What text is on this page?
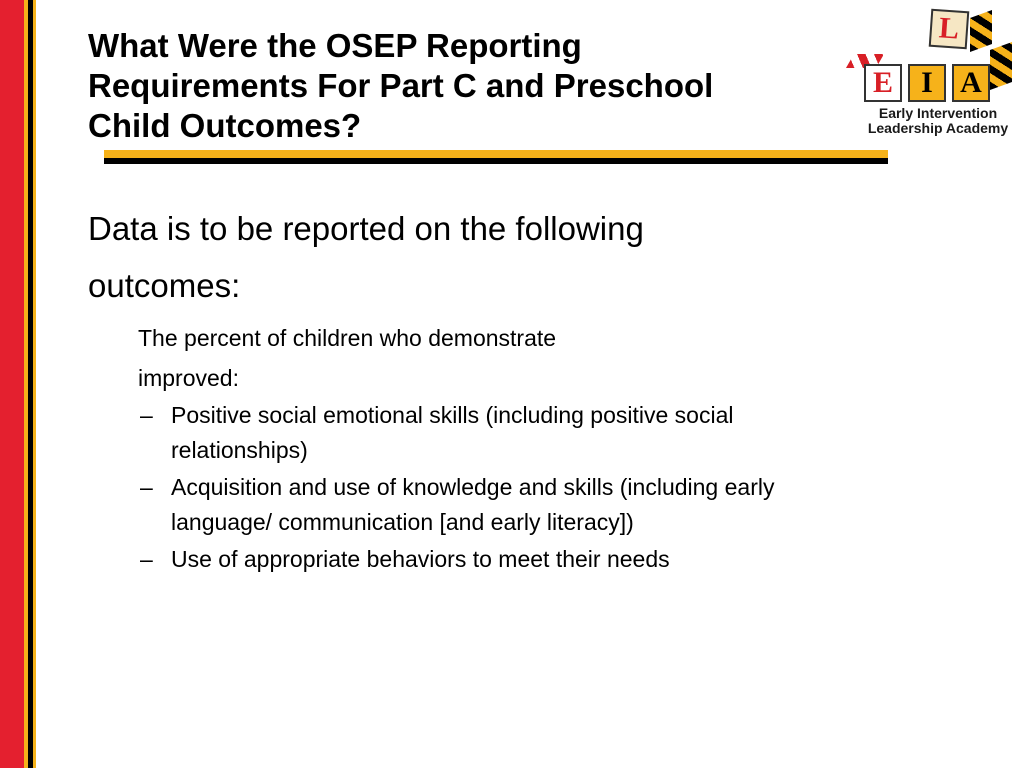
What Were the OSEP Reporting
Requirements For Part C and Preschool
Child Outcomes?
L
E I A
Early Intervention
Leadership Academy

Data is to be reported on the following
outcomes:

The percent of children who demonstrate
improved:
– Positive social emotional skills (including positive social
relationships)
– Acquisition and use of knowledge and skills (including early
language/ communication [and early literacy])
– Use of appropriate behaviors to meet their needs
